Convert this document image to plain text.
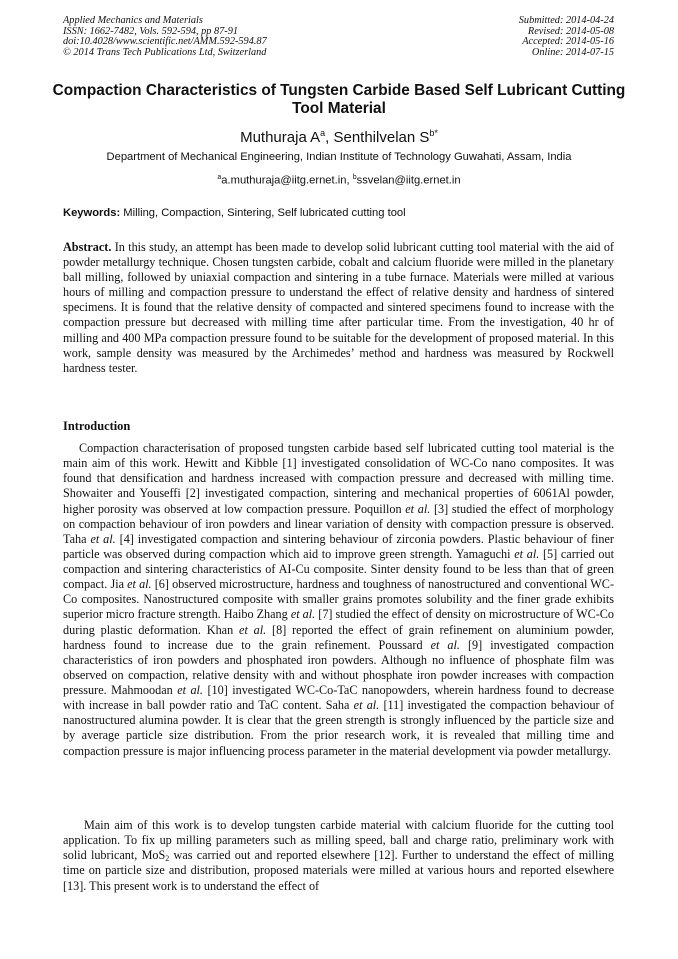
Applied Mechanics and Materials
ISSN: 1662-7482, Vols. 592-594, pp 87-91
doi:10.4028/www.scientific.net/AMM.592-594.87
© 2014 Trans Tech Publications Ltd, Switzerland
Submitted: 2014-04-24
Revised: 2014-05-08
Accepted: 2014-05-16
Online: 2014-07-15
Compaction Characteristics of Tungsten Carbide Based Self Lubricant Cutting Tool Material
Muthuraja $A^a$, Senthilvelan $S^{b*}$
Department of Mechanical Engineering, Indian Institute of Technology Guwahati, Assam, India
$^a$a.muthuraja@iitg.ernet.in, $^b$ssvelan@iitg.ernet.in
Keywords: Milling, Compaction, Sintering, Self lubricated cutting tool
Abstract. In this study, an attempt has been made to develop solid lubricant cutting tool material with the aid of powder metallurgy technique. Chosen tungsten carbide, cobalt and calcium fluoride were milled in the planetary ball milling, followed by uniaxial compaction and sintering in a tube furnace. Materials were milled at various hours of milling and compaction pressure to understand the effect of relative density and hardness of sintered specimens. It is found that the relative density of compacted and sintered specimens found to increase with the compaction pressure but decreased with milling time after particular time. From the investigation, 40 hr of milling and 400 MPa compaction pressure found to be suitable for the development of proposed material. In this work, sample density was measured by the Archimedes’ method and hardness was measured by Rockwell hardness tester.
Introduction
Compaction characterisation of proposed tungsten carbide based self lubricated cutting tool material is the main aim of this work. Hewitt and Kibble [1] investigated consolidation of WC-Co nano composites. It was found that densification and hardness increased with compaction pressure and decreased with milling time. Showaiter and Youseffi [2] investigated compaction, sintering and mechanical properties of 6061Al powder, higher porosity was observed at low compaction pressure. Poquillon et al. [3] studied the effect of morphology on compaction behaviour of iron powders and linear variation of density with compaction pressure is observed. Taha et al. [4] investigated compaction and sintering behaviour of zirconia powders. Plastic behaviour of finer particle was observed during compaction which aid to improve green strength. Yamaguchi et al. [5] carried out compaction and sintering characteristics of AI-Cu composite. Sinter density found to be less than that of green compact. Jia et al. [6] observed microstructure, hardness and toughness of nanostructured and conventional WC-Co composites. Nanostructured composite with smaller grains promotes solubility and the finer grade exhibits superior micro fracture strength. Haibo Zhang et al. [7] studied the effect of density on microstructure of WC-Co during plastic deformation. Khan et al. [8] reported the effect of grain refinement on aluminium powder, hardness found to increase due to the grain refinement. Poussard et al. [9] investigated compaction characteristics of iron powders and phosphated iron powders. Although no influence of phosphate film was observed on compaction, relative density with and without phosphate iron powder increases with compaction pressure. Mahmoodan et al. [10] investigated WC-Co-TaC nanopowders, wherein hardness found to decrease with increase in ball powder ratio and TaC content. Saha et al. [11] investigated the compaction behaviour of nanostructured alumina powder. It is clear that the green strength is strongly influenced by the particle size and by average particle size distribution. From the prior research work, it is revealed that milling time and compaction pressure is major influencing process parameter in the material development via powder metallurgy.
Main aim of this work is to develop tungsten carbide material with calcium fluoride for the cutting tool application. To fix up milling parameters such as milling speed, ball and charge ratio, preliminary work with solid lubricant, MoS$_2$ was carried out and reported elsewhere [12]. Further to understand the effect of milling time on particle size and distribution, proposed materials were milled at various hours and reported elsewhere [13]. This present work is to understand the effect of
